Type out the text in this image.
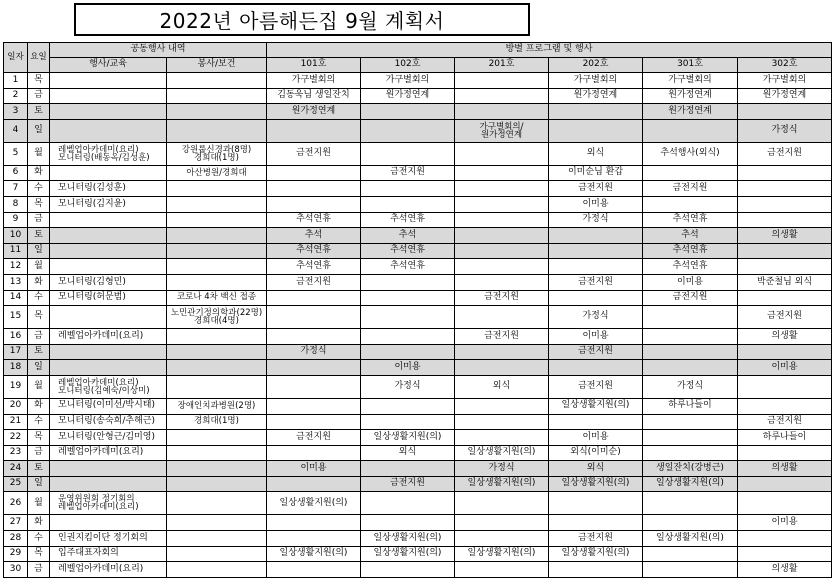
2022년 아름해든집 9월 계획서
일자	요일	공동행사 내역		방별 프로그램 및 행사					
		행사/교육	봉사/보건	101호	102호	201호	202호	301호	302호
1	목			가구별회의	가구별회의		가구별회의	가구별회의	가구별회의
2	금			김동욱님 생일잔치	원가정연계		원가정연계	원가정연계	원가정연계
3	토			원가정연계				원가정연계	
4	일					가구별회의/
원가정연계			가정식
5	월	레벨업아카데미(요리)
모니터링(배동옥/김성훈)	강원룹신경과(8명)
경희대(1명)	금전지원			외식	추석행사(외식)	금전지원
6	화		아산병원/경희대		금전지원		이미순님 환갑		
7	수	모니터링(김성훈)					금전지원	금전지원	
8	목	모니터링(김지윤)					이미용		
9	금			추석연휴	추석연휴		가정식	추석연휴	
10	토			추석	추석			추석	의생활
11	일			추석연휴	추석연휴			추석연휴	
12	월			추석연휴	추석연휴			추석연휴	
13	화	모니터링(김형민)		금전지원			금전지원	이미용	박준철님 외식
14	수	모니터링(허문범)	코로나 4차 백신 접종			금전지원		금전지원	
15	목		노민관기정의학과(22명)
경희대(4명)				가정식		금전지원
16	금	레벨업아카데미(요리)				금전지원	이미용		의생활
17	토			가정식			금전지원		
18	일				이미용				이미용
19	월	레벨업아카데미(요리)
모니터링(김예숙/이상미)			가정식	외식	금전지원	가정식	
20	화	모니터링(이미선/박시태)	장애인치과병원(2명)				일상생활지원(의)	하루나들이	
21	수	모니터링(송숙희/추해근)	경희대(1명)						금전지원
22	목	모니터링(안형근/김미영)		금전지원	일상생활지원(의)		이미용		하루나들이
23	금	레벨업아카데미(요리)			외식	일상생활지원(의)	외식(이미순)		
24	토			이미용		가정식	외식	생일잔치(강병근)	의생활
25	일				금전지원	일상생활지원(의)	일상생활지원(의)	일상생활지원(의)	
26	월	운영위원회 정기회의
레벨업아카데미(요리)		일상생활지원(의)					
27	화								이미용
28	수	인권지킴이단 정기회의			일상생활지원(의)		금전지원	일상생활지원(의)	
29	목	입주대표자회의		일상생활지원(의)	일상생활지원(의)	일상생활지원(의)	일상생활지원(의)		
30	금	레벨업아카데미(요리)							의생활
